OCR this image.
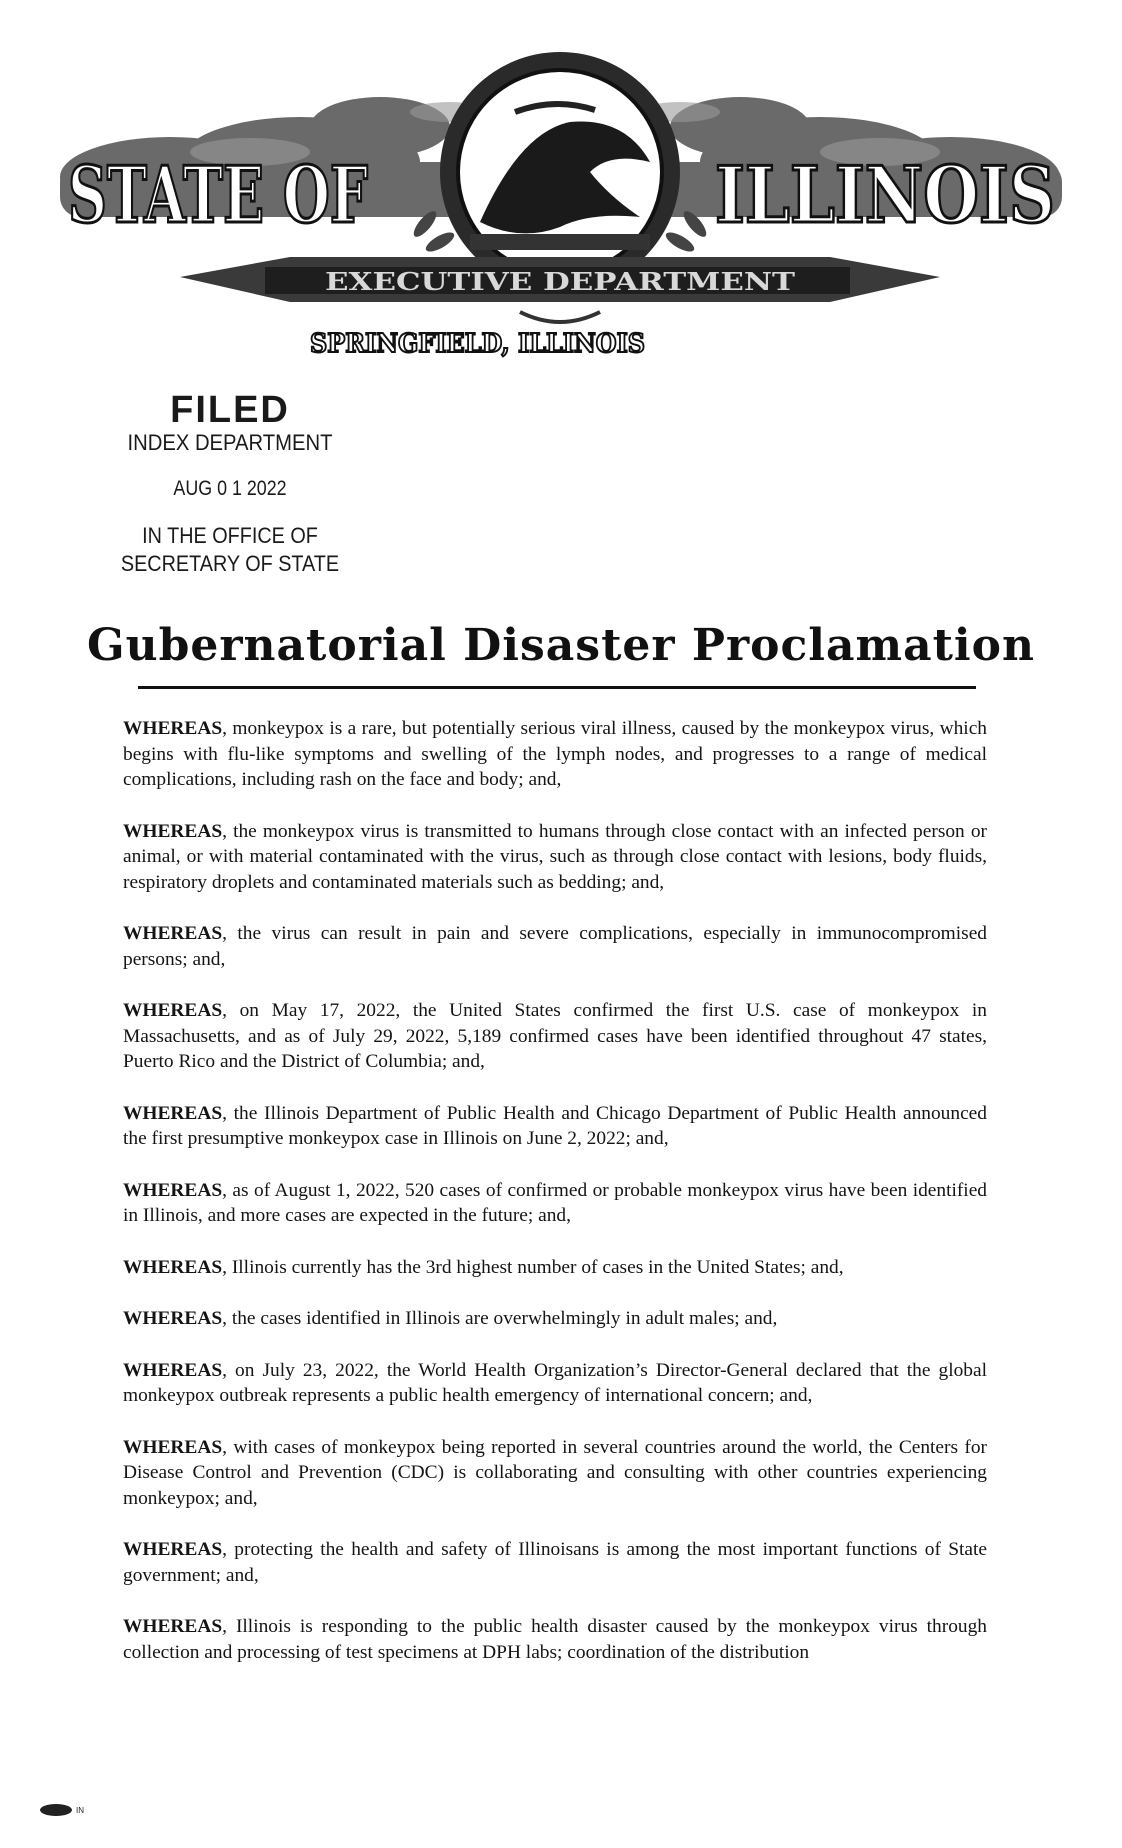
STATE OF	ILLINOIS
EXECUTIVE DEPARTMENT
SPRINGFIELD, ILLINOIS
FILED
INDEX DEPARTMENT
AUG 0 1 2022
IN THE OFFICE OF
SECRETARY OF STATE
Gubernatorial Disaster Proclamation

WHEREAS, monkeypox is a rare, but potentially serious viral illness, caused by the monkeypox virus, which begins with flu-like symptoms and swelling of the lymph nodes, and progresses to a range of medical complications, including rash on the face and body; and,

WHEREAS, the monkeypox virus is transmitted to humans through close contact with an infected person or animal, or with material contaminated with the virus, such as through close contact with lesions, body fluids, respiratory droplets and contaminated materials such as bedding; and,

WHEREAS, the virus can result in pain and severe complications, especially in immunocompromised persons; and,

WHEREAS, on May 17, 2022, the United States confirmed the first U.S. case of monkeypox in Massachusetts, and as of July 29, 2022, 5,189 confirmed cases have been identified throughout 47 states, Puerto Rico and the District of Columbia; and,

WHEREAS, the Illinois Department of Public Health and Chicago Department of Public Health announced the first presumptive monkeypox case in Illinois on June 2, 2022; and,

WHEREAS, as of August 1, 2022, 520 cases of confirmed or probable monkeypox virus have been identified in Illinois, and more cases are expected in the future; and,

WHEREAS, Illinois currently has the 3rd highest number of cases in the United States; and,

WHEREAS, the cases identified in Illinois are overwhelmingly in adult males; and,

WHEREAS, on July 23, 2022, the World Health Organization’s Director-General declared that the global monkeypox outbreak represents a public health emergency of international concern; and,

WHEREAS, with cases of monkeypox being reported in several countries around the world, the Centers for Disease Control and Prevention (CDC) is collaborating and consulting with other countries experiencing monkeypox; and,

WHEREAS, protecting the health and safety of Illinoisans is among the most important functions of State government; and,

WHEREAS, Illinois is responding to the public health disaster caused by the monkeypox virus through collection and processing of test specimens at DPH labs; coordination of the distribution

IN
